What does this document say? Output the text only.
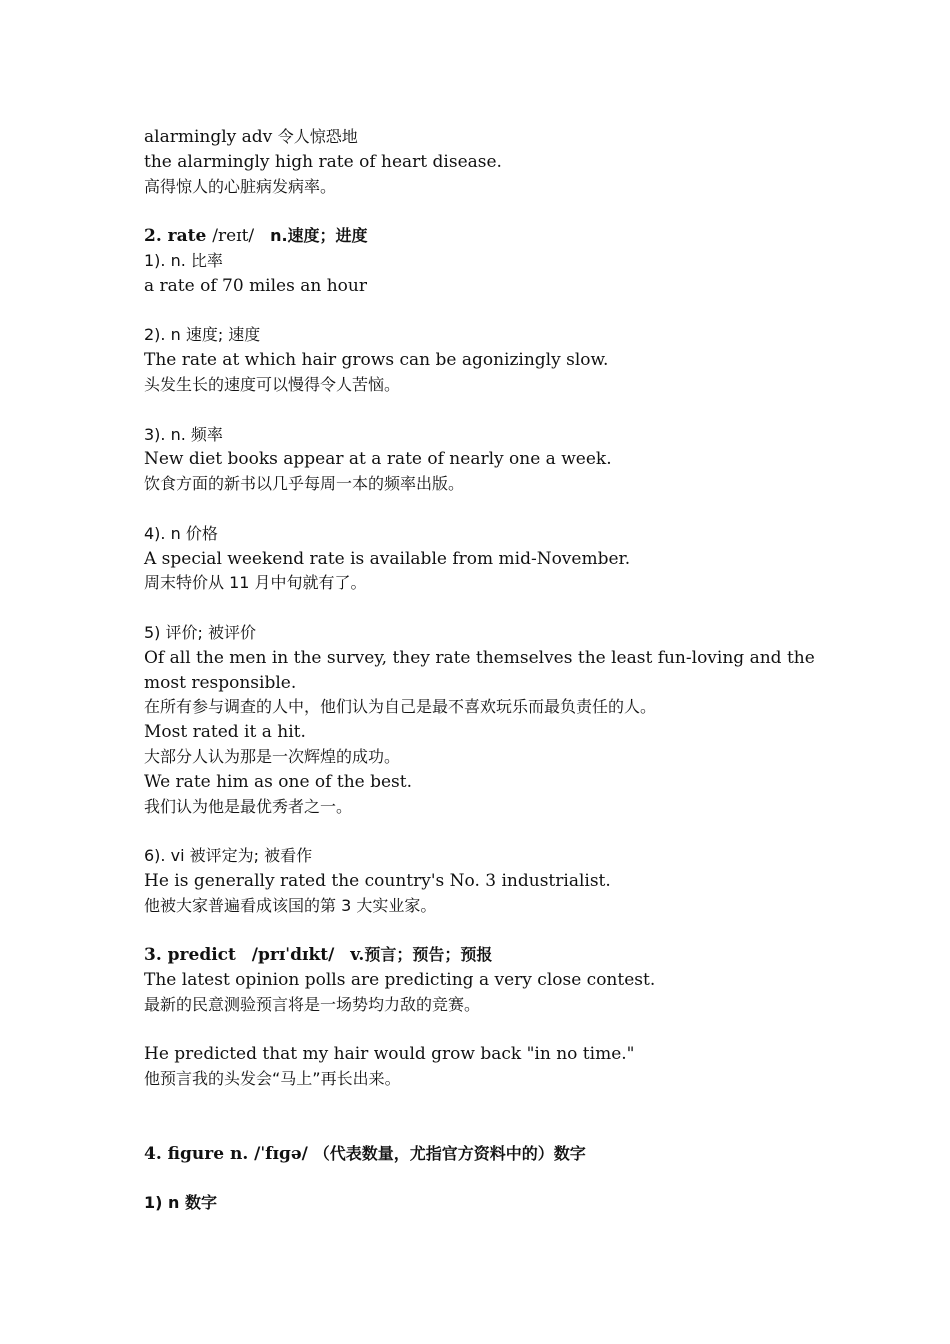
alarmingly adv 令人惊恐地
the alarmingly high rate of heart disease.
高得惊人的心脏病发病率。
2. rate /reɪt/ n.速度；进度
1). n. 比率
a rate of 70 miles an hour
2). n 速度; 速度
The rate at which hair grows can be agonizingly slow.
头发生长的速度可以慢得令人苦恼。
3). n. 频率
New diet books appear at a rate of nearly one a week.
饮食方面的新书以几乎每周一本的频率出版。
4). n 价格
A special weekend rate is available from mid-November.
周末特价从 11 月中旬就有了。
5) 评价; 被评价
Of all the men in the survey, they rate themselves the least fun-loving and the most responsible.
在所有参与调查的人中，他们认为自己是最不喜欢玩乐而最负责任的人。
Most rated it a hit.
大部分人认为那是一次辉煌的成功。
We rate him as one of the best.
我们认为他是最优秀者之一。
6). vi 被评定为; 被看作
He is generally rated the country's No. 3 industrialist.
他被大家普遍看成该国的第 3 大实业家。
3. predict /prɪˈdɪkt/ v.预言；预告；预报
The latest opinion polls are predicting a very close contest.
最新的民意测验预言将是一场势均力敌的竞赛。
He predicted that my hair would grow back "in no time."
他预言我的头发会“马上”再长出来。
4. figure n. /ˈfɪɡə/ （代表数量，尤指官方资料中的）数字
1) n 数字
